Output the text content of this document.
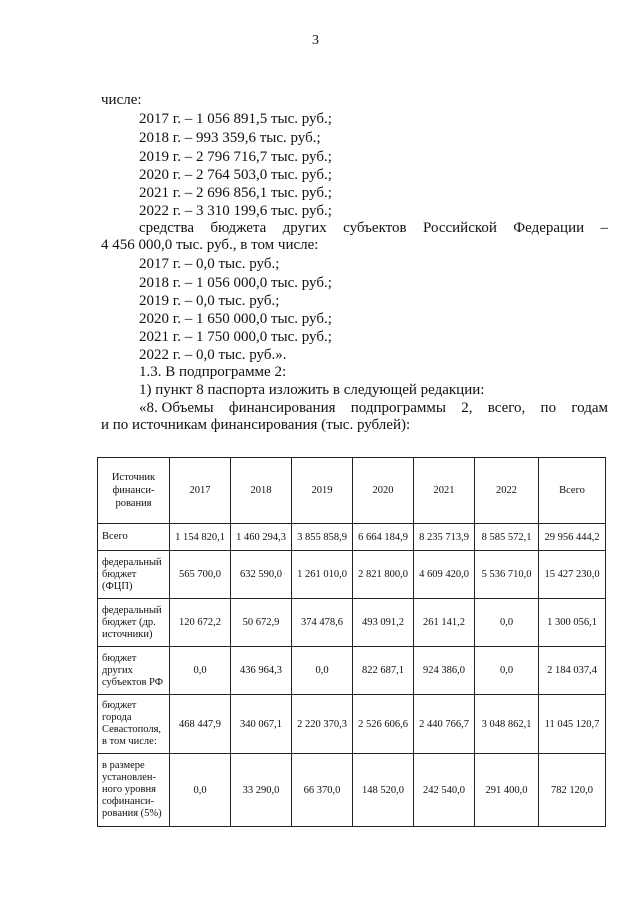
3
числе:
2017 г. – 1 056 891,5 тыс. руб.;
2018 г. – 993 359,6 тыс. руб.;
2019 г. – 2 796 716,7 тыс. руб.;
2020 г. – 2 764 503,0 тыс. руб.;
2021 г. – 2 696 856,1 тыс. руб.;
2022 г. – 3 310 199,6 тыс. руб.;
средства бюджета других субъектов Российской Федерации –
4 456 000,0 тыс. руб., в том числе:
2017 г. – 0,0 тыс. руб.;
2018 г. – 1 056 000,0 тыс. руб.;
2019 г. – 0,0 тыс. руб.;
2020 г. – 1 650 000,0 тыс. руб.;
2021 г. – 1 750 000,0 тыс. руб.;
2022 г. – 0,0 тыс. руб.».
1.3. В подпрограмме 2:
1) пункт 8 паспорта изложить в следующей редакции:
«8. Объемы финансирования подпрограммы 2, всего, по годам
и по источникам финансирования (тыс. рублей):
Источник финанси-рования	2017	2018	2019	2020	2021	2022	Всего
Всего	1 154 820,1	1 460 294,3	3 855 858,9	6 664 184,9	8 235 713,9	8 585 572,1	29 956 444,2
федеральный бюджет (ФЦП)	565 700,0	632 590,0	1 261 010,0	2 821 800,0	4 609 420,0	5 536 710,0	15 427 230,0
федеральный бюджет (др. источники)	120 672,2	50 672,9	374 478,6	493 091,2	261 141,2	0,0	1 300 056,1
бюджет других субъектов РФ	0,0	436 964,3	0,0	822 687,1	924 386,0	0,0	2 184 037,4
бюджет города Севастополя, в том числе:	468 447,9	340 067,1	2 220 370,3	2 526 606,6	2 440 766,7	3 048 862,1	11 045 120,7
в размере установлен-ного уровня софинанси-рования (5%)	0,0	33 290,0	66 370,0	148 520,0	242 540,0	291 400,0	782 120,0
